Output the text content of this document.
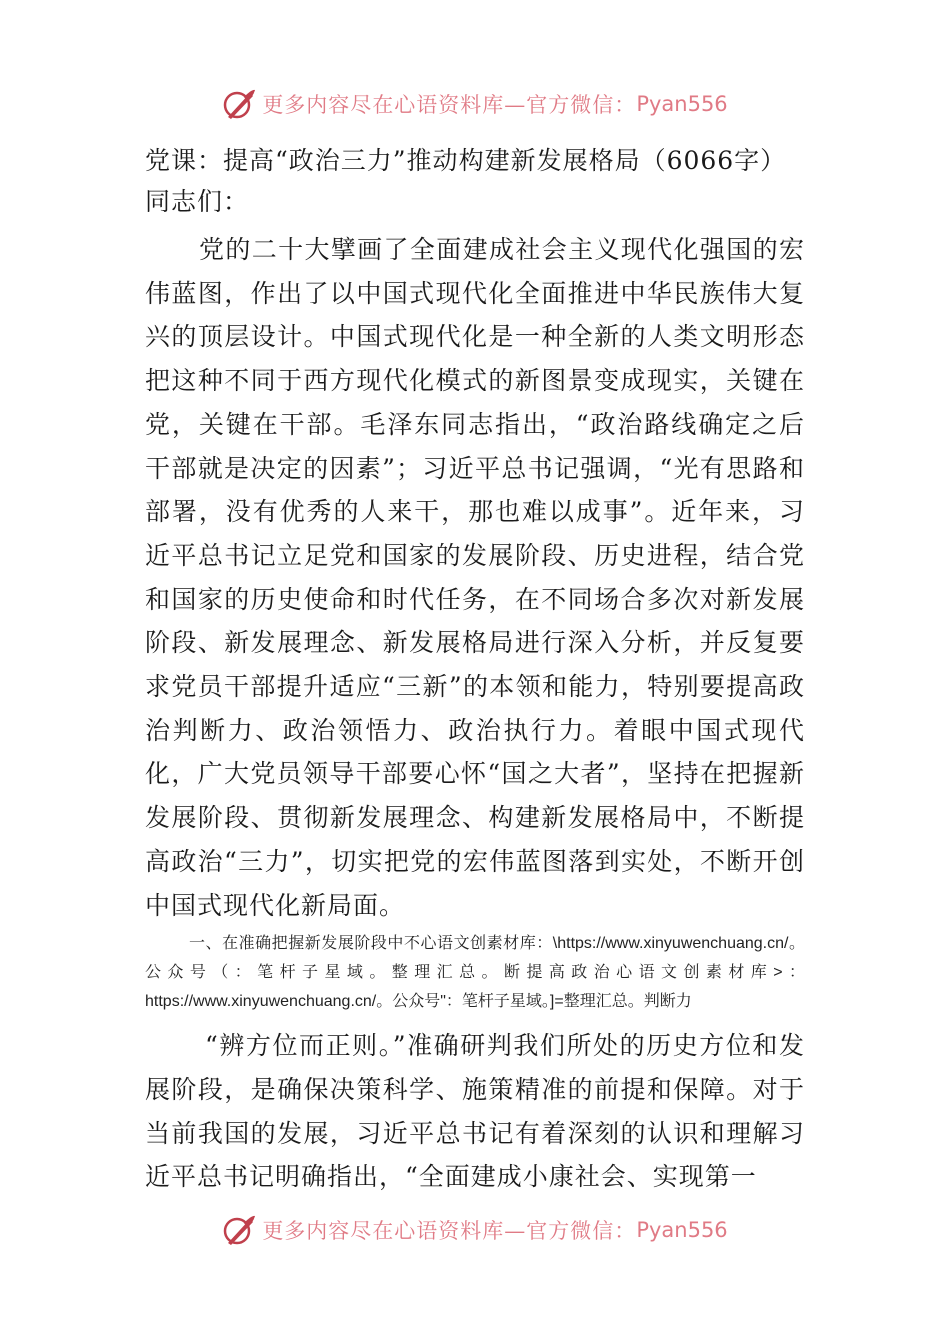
更多内容尽在心语资料库—官方微信： Pyan556
党课：提高“政治三力”推动构建新发展格局（6066字）
同志们：

党的二十大擘画了全面建成社会主义现代化强国的宏伟蓝图，作出了以中国式现代化全面推进中华民族伟大复兴的顶层设计。中国式现代化是一种全新的人类文明形态把这种不同于西方现代化模式的新图景变成现实，关键在党，关键在干部。毛泽东同志指出，“政治路线确定之后干部就是决定的因素”；习近平总书记强调，“光有思路和部署，没有优秀的人来干，那也难以成事”。近年来，习近平总书记立足党和国家的发展阶段、历史进程，结合党和国家的历史使命和时代任务，在不同场合多次对新发展阶段、新发展理念、新发展格局进行深入分析，并反复要求党员干部提升适应“三新”的本领和能力，特别要提高政治判断力、政治领悟力、政治执行力。着眼中国式现代化，广大党员领导干部要心怀“国之大者”，坚持在把握新发展阶段、贯彻新发展理念、构建新发展格局中，不断提高政治“三力”，切实把党的宏伟蓝图落到实处，不断开创中国式现代化新局面。

一、在准确把握新发展阶段中不心语文创素材库：\https://www.xinyuwenchuang.cn/。公众号（：笔杆子星域。整理汇总。断提高政治心语文创素材库>：https://www.xinyuwenchuang.cn/。公众号"：笔杆子星域。]=整理汇总。判断力

“辨方位而正则。”准确研判我们所处的历史方位和发展阶段，是确保决策科学、施策精准的前提和保障。对于当前我国的发展，习近平总书记有着深刻的认识和理解习近平总书记明确指出，“全面建成小康社会、实现第一

更多内容尽在心语资料库—官方微信： Pyan556
